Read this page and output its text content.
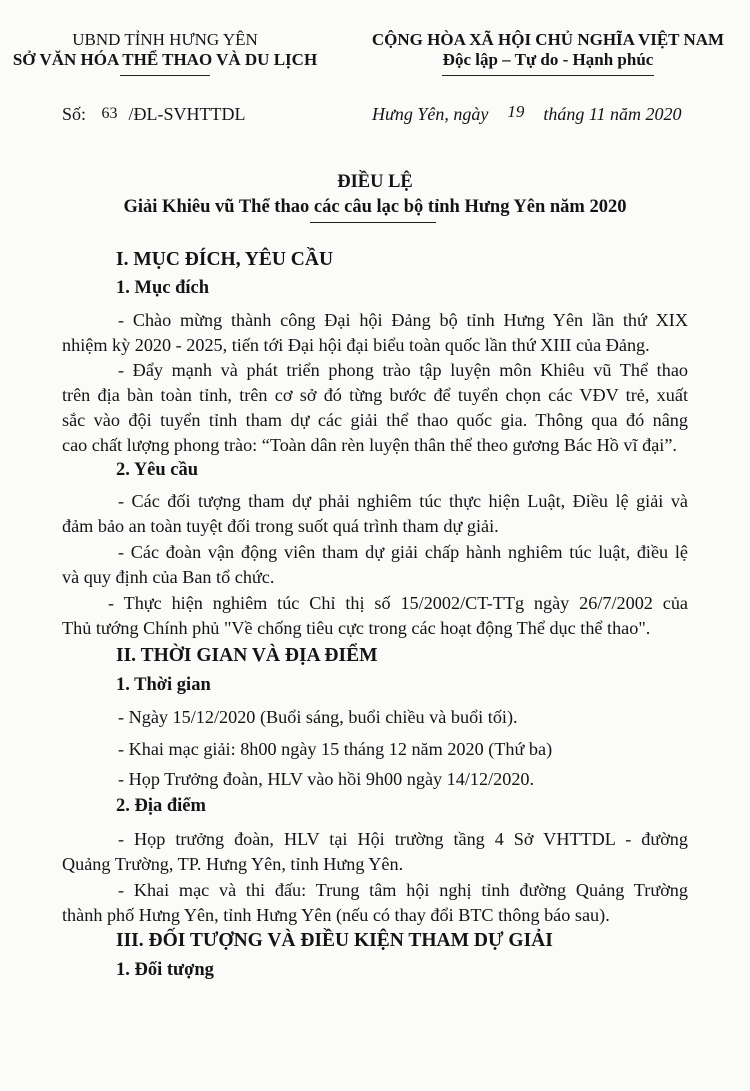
UBND TỈNH HƯNG YÊN
SỞ VĂN HÓA THỂ THAO VÀ DU LỊCH
CỘNG HÒA XÃ HỘI CHỦ NGHĨA VIỆT NAM
Độc lập – Tự do - Hạnh phúc
Số: 63 /ĐL-SVHTTDL	Hưng Yên, ngày 19 tháng 11 năm 2020
ĐIỀU LỆ
Giải Khiêu vũ Thể thao các câu lạc bộ tỉnh Hưng Yên năm 2020
I. MỤC ĐÍCH, YÊU CẦU
1. Mục đích

- Chào mừng thành công Đại hội Đảng bộ tỉnh Hưng Yên lần thứ XIX

nhiệm kỳ 2020 - 2025, tiến tới Đại hội đại biểu toàn quốc lần thứ XIII của Đảng.

- Đẩy mạnh và phát triển phong trào tập luyện môn Khiêu vũ Thể thao

trên địa bàn toàn tỉnh, trên cơ sở đó từng bước để tuyển chọn các VĐV trẻ, xuất

sắc vào đội tuyển tỉnh tham dự các giải thể thao quốc gia. Thông qua đó nâng

cao chất lượng phong trào: “Toàn dân rèn luyện thân thể theo gương Bác Hồ vĩ đại”.

2. Yêu cầu

- Các đối tượng tham dự phải nghiêm túc thực hiện Luật, Điều lệ giải và

đảm bảo an toàn tuyệt đối trong suốt quá trình tham dự giải.

- Các đoàn vận động viên tham dự giải chấp hành nghiêm túc luật, điều lệ

và quy định của Ban tổ chức.

- Thực hiện nghiêm túc Chỉ thị số 15/2002/CT-TTg ngày 26/7/2002 của

Thủ tướng Chính phủ "Về chống tiêu cực trong các hoạt động Thể dục thể thao".

II. THỜI GIAN VÀ ĐỊA ĐIỂM
1. Thời gian
- Ngày 15/12/2020 (Buổi sáng, buổi chiều và buổi tối).
- Khai mạc giải: 8h00 ngày 15 tháng 12 năm 2020 (Thứ ba)
- Họp Trưởng đoàn, HLV vào hồi 9h00 ngày 14/12/2020.
2. Địa điểm

- Họp trưởng đoàn, HLV tại Hội trường tầng 4 Sở VHTTDL - đường

Quảng Trường, TP. Hưng Yên, tỉnh Hưng Yên.

- Khai mạc và thi đấu: Trung tâm hội nghị tỉnh đường Quảng Trường

thành phố Hưng Yên, tỉnh Hưng Yên (nếu có thay đổi BTC thông báo sau).

III. ĐỐI TƯỢNG VÀ ĐIỀU KIỆN THAM DỰ GIẢI
1. Đối tượng
